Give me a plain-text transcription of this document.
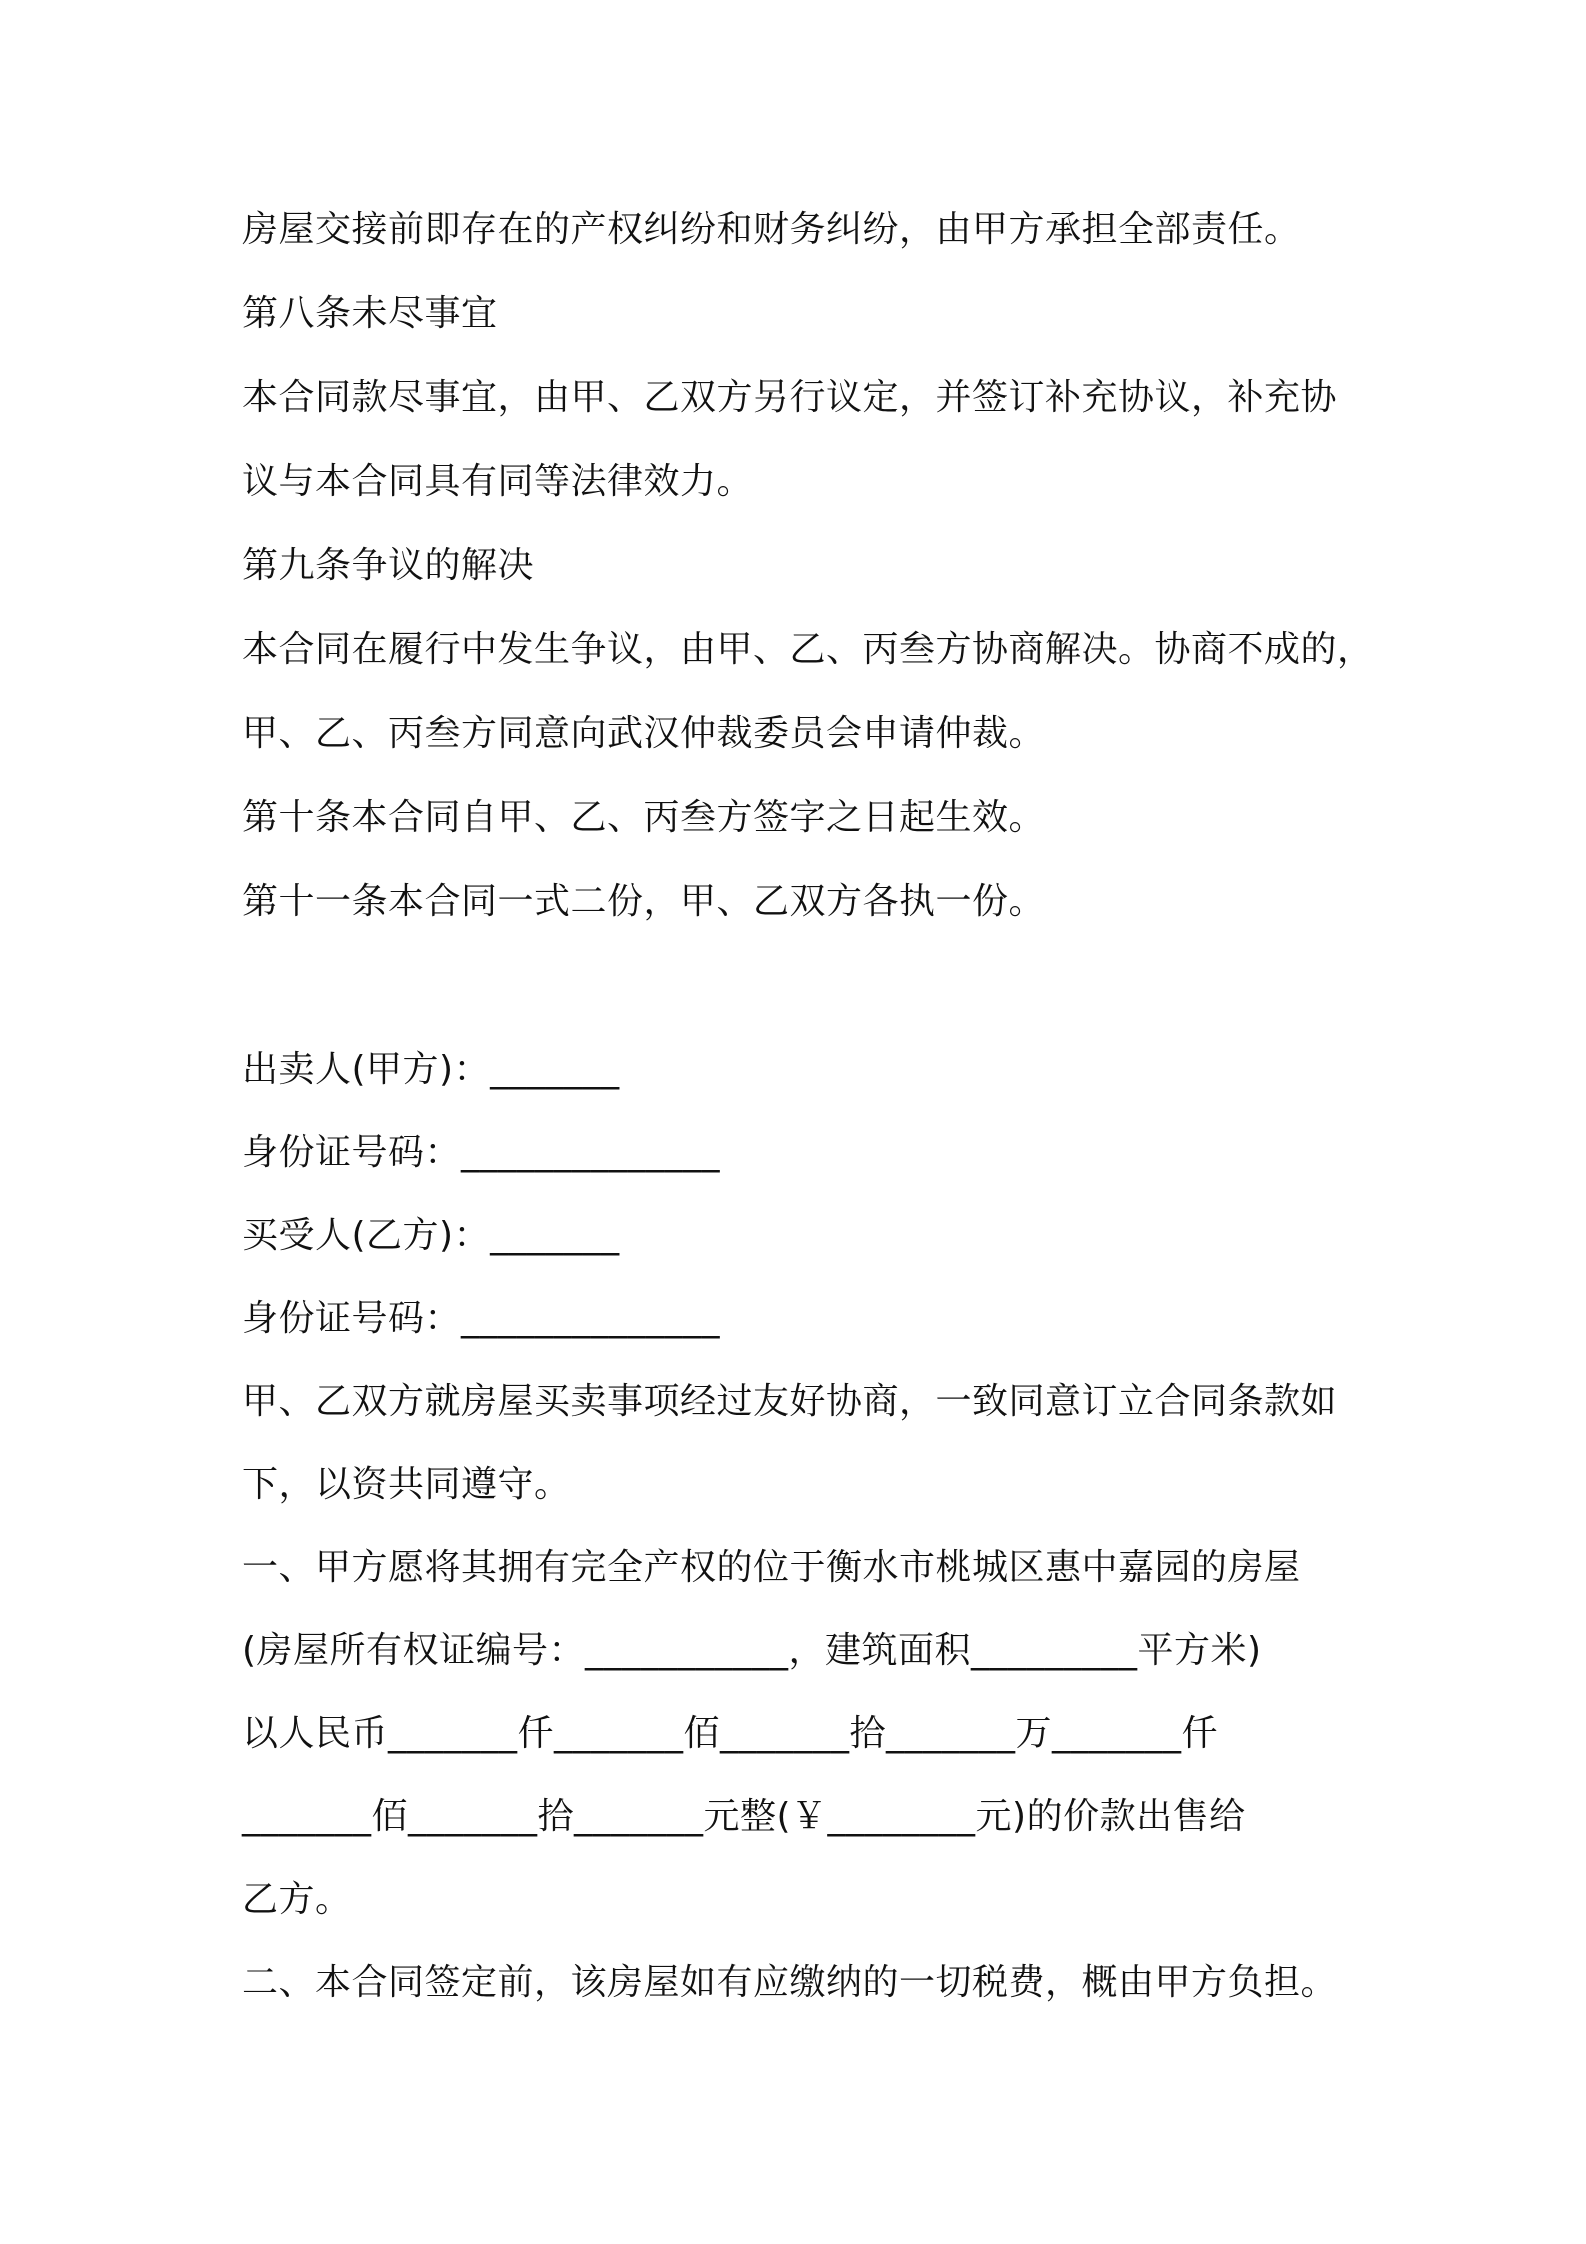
房屋交接前即存在的产权纠纷和财务纠纷，由甲方承担全部责任。
第八条未尽事宜
本合同款尽事宜，由甲、乙双方另行议定，并签订补充协议，补充协
议与本合同具有同等法律效力。
第九条争议的解决
本合同在履行中发生争议，由甲、乙、丙叁方协商解决。协商不成的，
甲、乙、丙叁方同意向武汉仲裁委员会申请仲裁。
第十条本合同自甲、乙、丙叁方签字之日起生效。
第十一条本合同一式二份，甲、乙双方各执一份。
出卖人(甲方)：_______
身份证号码：______________
买受人(乙方)：_______
身份证号码：______________
甲、乙双方就房屋买卖事项经过友好协商，一致同意订立合同条款如
下，以资共同遵守。
一、甲方愿将其拥有完全产权的位于衡水市桃城区惠中嘉园的房屋
(房屋所有权证编号：___________，建筑面积_________平方米)
以人民币_______仟_______佰_______拾_______万_______仟
_______佰_______拾_______元整(￥________元)的价款出售给
乙方。
二、本合同签定前，该房屋如有应缴纳的一切税费，概由甲方负担。
